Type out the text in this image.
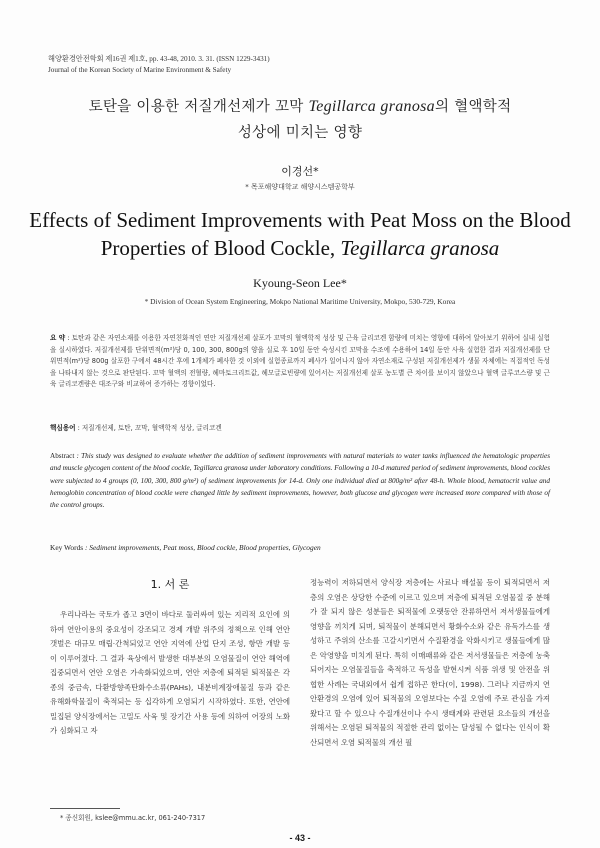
해양환경안전학회 제16권 제1호, pp. 43-48, 2010. 3. 31. (ISSN 1229-3431)
Journal of the Korean Society of Marine Environment & Safety
토탄을 이용한 저질개선제가 꼬막 Tegillarca granosa의 혈액학적
성상에 미치는 영향
이경선*
* 목포해양대학교 해양시스템공학부
Effects of Sediment Improvements with Peat Moss on the Blood
Properties of Blood Cockle, Tegillarca granosa
Kyoung-Seon Lee*
* Division of Ocean System Engineering, Mokpo National Maritime University, Mokpo, 530-729, Korea
요 약 : 토탄과 같은 자연소재를 이용한 자연친화적인 연안 저질개선제 살포가 꼬막의 혈액학적 성상 및 근육 글리코겐 함량에 미치는 영향에 대하여 알아보기 위하여 실내 실험을 실시하였다. 저질개선제를 단위면적(m²)당 0, 100, 300, 800g의 양을 실로 후 10일 동안 숙성시킨 꼬막을 수조에 수용하여 14일 동안 사육 실험한 결과 저질개선제를 단위면적(m²)당 800g 살포한 구에서 48시간 후에 1개체가 폐사한 것 이외에 실험종료까지 폐사가 일어나지 않아 자연소재로 구성된 저질개선제가 생물 자체에는 직접적인 독성을 나타내지 않는 것으로 판단된다. 꼬막 혈액의 전혈량, 헤마토크리트값, 헤모글로빈량에 있어서는 저질개선제 살포 농도별 큰 차이를 보이지 않았으나 혈액 글루코스량 및 근육 글리코겐량은 대조구와 비교하여 증가하는 경향이었다.
핵심용어 : 저질개선제, 토탄, 꼬막, 혈액학적 성상, 글리코겐
Abstract : This study was designed to evaluate whether the addition of sediment improvements with natural materials to water tanks influenced the hematologic properties and muscle glycogen content of the blood cockle, Tegillarca granosa under laboratory conditions. Following a 10-d matured period of sediment improvements, blood cockles were subjected to 4 groups (0, 100, 300, 800 g/m²) of sediment improvements for 14-d. Only one individual died at 800g/m² after 48-h. Whole blood, hematocrit value and hemoglobin concentration of blood cockle were changed little by sediment improvements, however, both glucose and glycogen were increased more compared with those of the control groups.
Key Words : Sediment improvements, Peat moss, Blood cockle, Blood properties, Glycogen
1. 서 론
우리나라는 국토가 좁고 3면이 바다로 둘러싸여 있는 지리적 요인에 의하여 연안이용의 중요성이 강조되고 경제 개발 위주의 정책으로 인해 연안 갯벌은 대규모 매립·간척되었고 연안 지역에 산업 단지 조성, 항만 개발 등이 이루어졌다. 그 결과 육상에서 발생한 대부분의 오염물질이 연안 해역에 집중되면서 연안 오염은 가속화되었으며, 연안 저층에 퇴적된 퇴적물은 각종의 중금속, 다환방향족탄화수소류(PAHs), 내분비계장애물질 등과 같은 유해화학물질이 축적되는 등 십각하게 오염되기 시작하였다. 또한, 연안에 밀집된 양식장에서는 고밀도 사육 및 장기간 사용 등에 의하여 어장의 노화가 심화되고 자
정능력이 저하되면서 양식장 저층에는 사료나 배설물 등이 퇴적되면서 저층의 오염은 상당한 수준에 이르고 있으며 저층에 퇴적된 오염물질 중 분해가 잘 되지 않은 성분들은 퇴적물에 오랫동안 잔류하면서 저서생물들에게 영향을 끼치게 되며, 퇴적물이 분해되면서 황화수소와 같은 유독가스를 생성하고 주위의 산소를 고갈시키면서 수질환경을 악화시키고 생물들에게 많은 악영향을 미치게 된다. 특히 이매패류와 같은 저서생물들은 저층에 농축되어지는 오염물질들을 축적하고 독성을 발현시켜 식품 위생 및 안전을 위협한 사례는 국내외에서 쉽게 접하곤 한다(이, 1998). 그러나 지금까지 연안환경의 오염에 있어 퇴적물의 오염보다는 수질 오염에 주로 관심을 가져 왔다고 할 수 있으나 수질개선이나 수시 생태계와 관련된 요소들의 개선을 위해서는 오염된 퇴적물의 적절한 관리 없이는 달성될 수 없다는 인식이 확산되면서 오염 퇴적물의 개선 필
* 종신회원, kslee@mmu.ac.kr, 061-240-7317
- 43 -
